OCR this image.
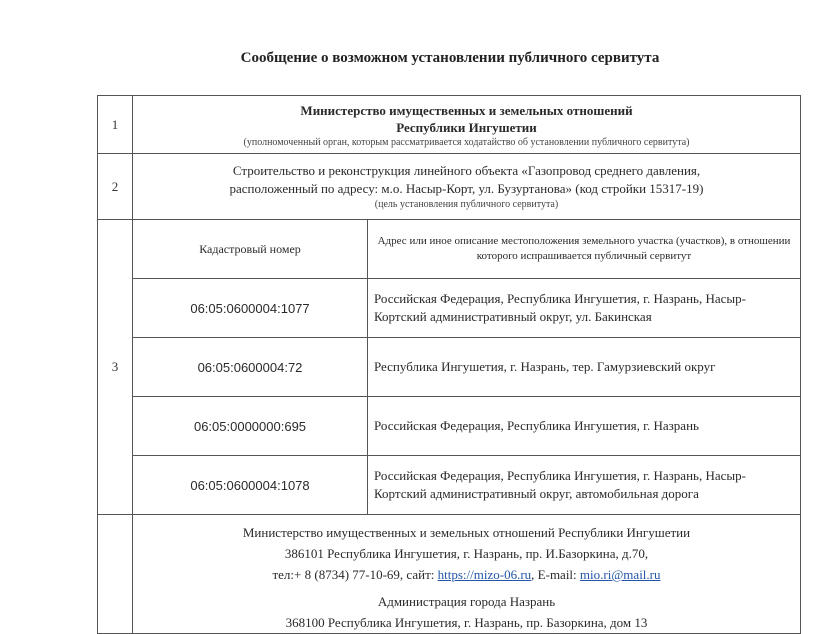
Сообщение о возможном установлении публичного сервитута
1	
Министерство имущественных и земельных отношений
Республики Ингушетии
(уполномоченный орган, которым рассматривается ходатайство об установлении публичного сервитута)

2	
Строительство и реконструкция линейного объекта «Газопровод среднего давления,
расположенный по адресу: м.о. Насыр-Корт, ул. Бузуртанова» (код стройки 15317-19)
(цель установления публичного сервитута)

3	
Кадастровый номер	Адрес или иное описание местоположения земельного участка (участков), в отношении которого испрашивается публичный сервитут
06:05:0600004:1077	Российская Федерация, Республика Ингушетия, г. Назрань, Насыр-Кортский административный округ, ул. Бакинская
06:05:0600004:72	Республика Ингушетия, г. Назрань, тер. Гамурзиевский округ
06:05:0000000:695	Российская Федерация, Республика Ингушетия, г. Назрань
06:05:0600004:1078	Российская Федерация, Республика Ингушетия, г. Назрань, Насыр-Кортский административный округ, автомобильная дорога

Министерство имущественных и земельных отношений Республики Ингушетии
386101 Республика Ингушетия, г. Назрань, пр. И.Базоркина, д.70,
тел:+ 8 (8734) 77-10-69, сайт: https://mizo-06.ru, E-mail: mio.ri@mail.ru
Администрация города Назрань
368100 Республика Ингушетия, г. Назрань, пр. Базоркина, дом 13
